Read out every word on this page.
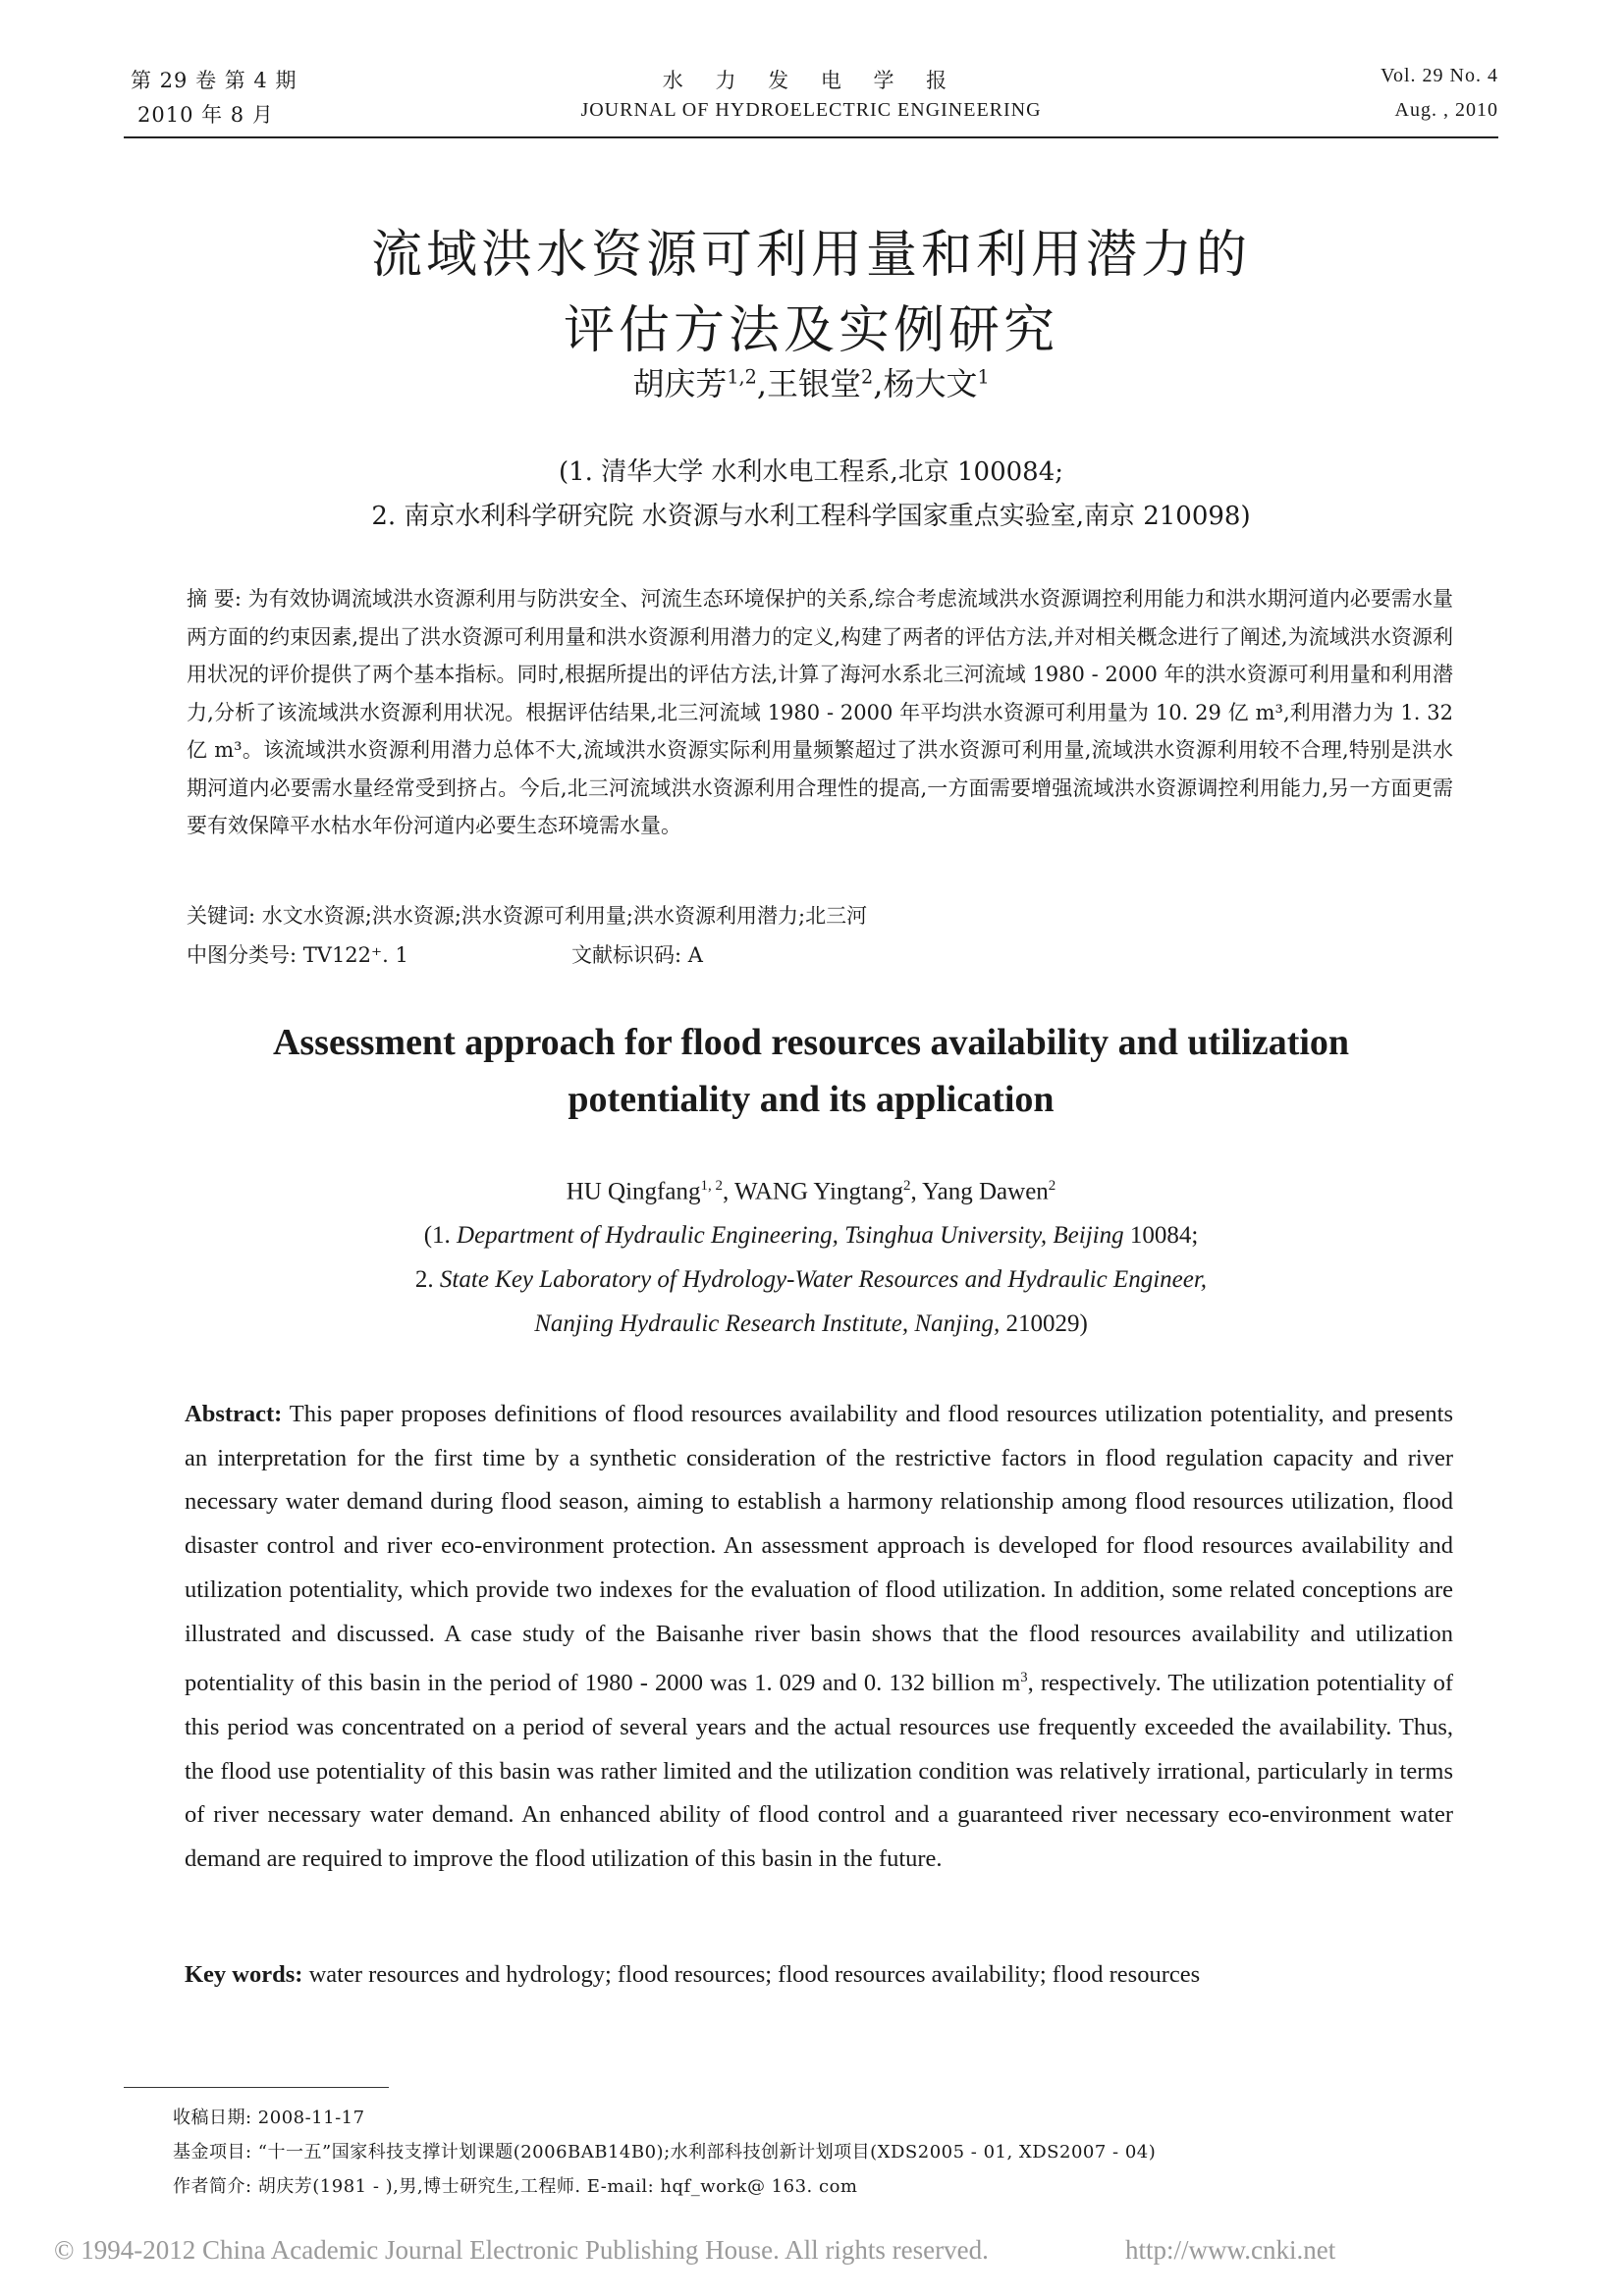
第 29 卷 第 4 期
2010 年 8 月
水 力 发 电 学 报
JOURNAL OF HYDROELECTRIC ENGINEERING
Vol. 29 No. 4
Aug. , 2010
流域洪水资源可利用量和利用潜力的
评估方法及实例研究
胡庆芳$^{1,2}$,王银堂$^2$,杨大文$^1$
(1. 清华大学 水利水电工程系,北京 100084;
2. 南京水利科学研究院 水资源与水利工程科学国家重点实验室,南京 210098)
摘 要: 为有效协调流域洪水资源利用与防洪安全、河流生态环境保护的关系,综合考虑流域洪水资源调控利用能力和洪水期河道内必要需水量两方面的约束因素,提出了洪水资源可利用量和洪水资源利用潜力的定义,构建了两者的评估方法,并对相关概念进行了阐述,为流域洪水资源利用状况的评价提供了两个基本指标。同时,根据所提出的评估方法,计算了海河水系北三河流域 1980 - 2000 年的洪水资源可利用量和利用潜力,分析了该流域洪水资源利用状况。根据评估结果,北三河流域 1980 - 2000 年平均洪水资源可利用量为 10. 29 亿 m³,利用潜力为 1. 32 亿 m³。该流域洪水资源利用潜力总体不大,流域洪水资源实际利用量频繁超过了洪水资源可利用量,流域洪水资源利用较不合理,特别是洪水期河道内必要需水量经常受到挤占。今后,北三河流域洪水资源利用合理性的提高,一方面需要增强流域洪水资源调控利用能力,另一方面更需要有效保障平水枯水年份河道内必要生态环境需水量。
关键词: 水文水资源;洪水资源;洪水资源可利用量;洪水资源利用潜力;北三河
中图分类号: TV122⁺. 1	文献标识码: A
Assessment approach for flood resources availability and utilization
potentiality and its application
HU Qingfang$^{1, 2}$, WANG Yingtang$^2$, Yang Dawen$^2$
(1. Department of Hydraulic Engineering, Tsinghua University, Beijing 10084;
2. State Key Laboratory of Hydrology-Water Resources and Hydraulic Engineer,
Nanjing Hydraulic Research Institute, Nanjing, 210029)
Abstract: This paper proposes definitions of flood resources availability and flood resources utilization potentiality, and presents an interpretation for the first time by a synthetic consideration of the restrictive factors in flood regulation capacity and river necessary water demand during flood season, aiming to establish a harmony relationship among flood resources utilization, flood disaster control and river eco-environment protection. An assessment approach is developed for flood resources availability and utilization potentiality, which provide two indexes for the evaluation of flood utilization. In addition, some related conceptions are illustrated and discussed. A case study of the Baisanhe river basin shows that the flood resources availability and utilization potentiality of this basin in the period of 1980 - 2000 was 1. 029 and 0. 132 billion $m^3$, respectively. The utilization potentiality of this period was concentrated on a period of several years and the actual resources use frequently exceeded the availability. Thus, the flood use potentiality of this basin was rather limited and the utilization condition was relatively irrational, particularly in terms of river necessary water demand. An enhanced ability of flood control and a guaranteed river necessary eco-environment water demand are required to improve the flood utilization of this basin in the future.
Key words: water resources and hydrology; flood resources; flood resources availability; flood resources
收稿日期: 2008-11-17
基金项目: “十一五”国家科技支撑计划课题(2006BAB14B0);水利部科技创新计划项目(XDS2005 - 01, XDS2007 - 04)
作者简介: 胡庆芳(1981 - ),男,博士研究生,工程师. E-mail: hqf_work@ 163. com
© 1994-2012 China Academic Journal Electronic Publishing House. All rights reserved.	http://www.cnki.net
